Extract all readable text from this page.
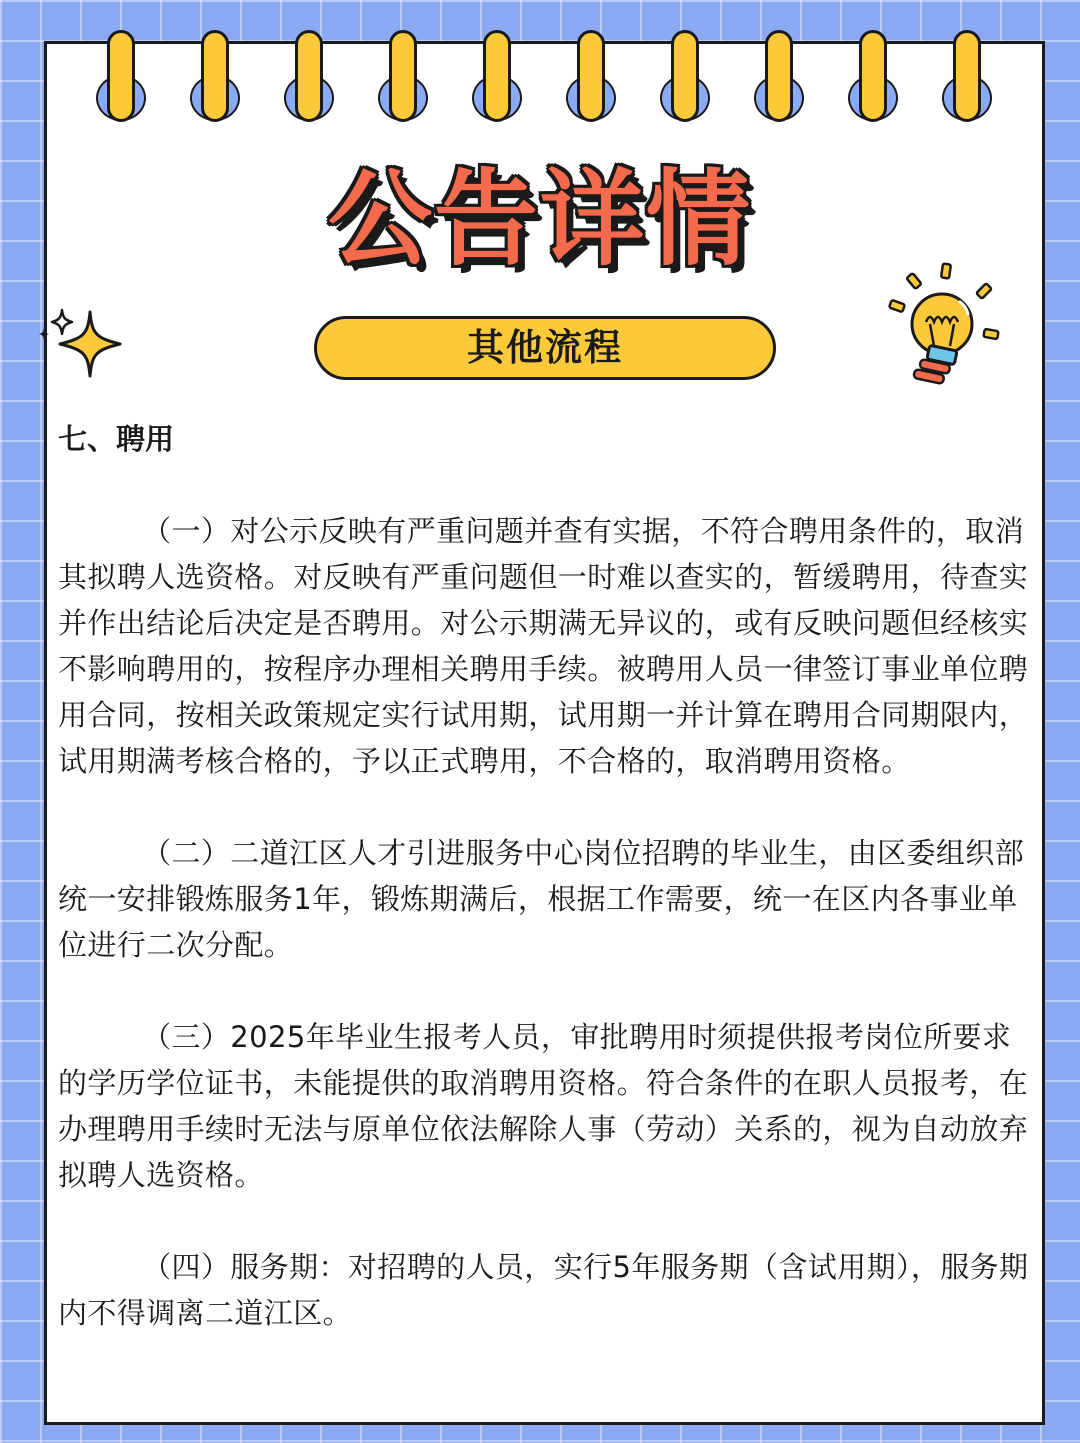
公告详情
其他流程
七、聘用

（一）对公示反映有严重问题并查有实据，不符合聘用条件的，取消其拟聘人选资格。对反映有严重问题但一时难以查实的，暂缓聘用，待查实并作出结论后决定是否聘用。对公示期满无异议的，或有反映问题但经核实不影响聘用的，按程序办理相关聘用手续。被聘用人员一律签订事业单位聘用合同，按相关政策规定实行试用期，试用期一并计算在聘用合同期限内，试用期满考核合格的，予以正式聘用，不合格的，取消聘用资格。

（二）二道江区人才引进服务中心岗位招聘的毕业生，由区委组织部统一安排锻炼服务1年，锻炼期满后，根据工作需要，统一在区内各事业单位进行二次分配。

（三）2025年毕业生报考人员，审批聘用时须提供报考岗位所要求的学历学位证书，未能提供的取消聘用资格。符合条件的在职人员报考，在办理聘用手续时无法与原单位依法解除人事（劳动）关系的，视为自动放弃拟聘人选资格。

（四）服务期：对招聘的人员，实行5年服务期（含试用期），服务期内不得调离二道江区。
